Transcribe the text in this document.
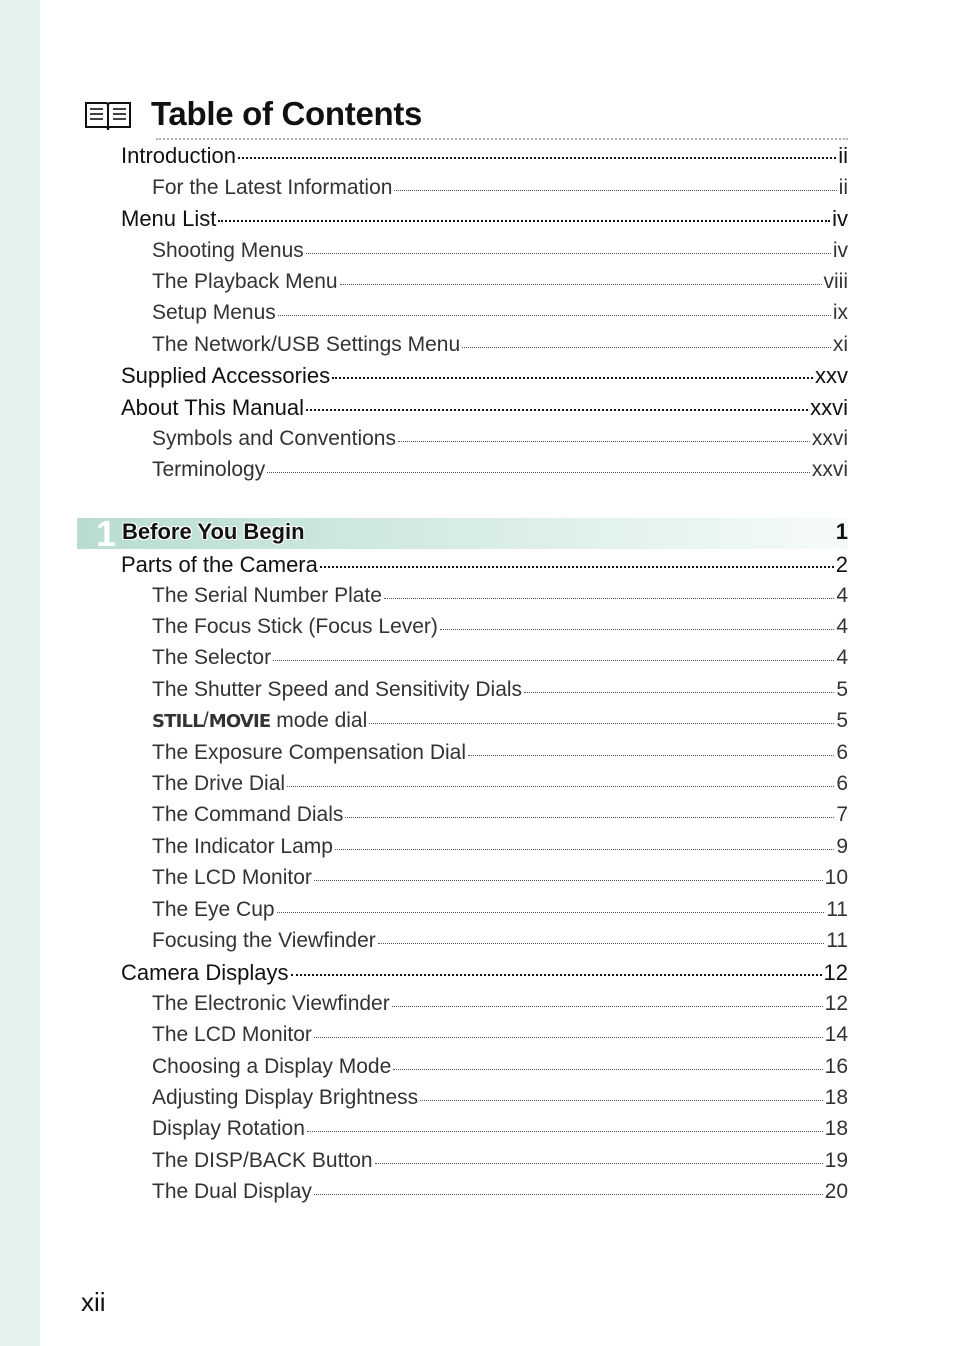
Table of Contents
Introduction	ii
For the Latest Information	ii
Menu List	iv
Shooting Menus	iv
The Playback Menu	viii
Setup Menus	ix
The Network/USB Settings Menu	xi
Supplied Accessories	xxv
About This Manual	xxvi
Symbols and Conventions	xxvi
Terminology	xxvi
1 Before You Begin	1
Parts of the Camera	2
The Serial Number Plate	4
The Focus Stick (Focus Lever)	4
The Selector	4
The Shutter Speed and Sensitivity Dials	5
STILL/MOVIE mode dial	5
The Exposure Compensation Dial	6
The Drive Dial	6
The Command Dials	7
The Indicator Lamp	9
The LCD Monitor	10
The Eye Cup	11
Focusing the Viewfinder	11
Camera Displays	12
The Electronic Viewfinder	12
The LCD Monitor	14
Choosing a Display Mode	16
Adjusting Display Brightness	18
Display Rotation	18
The DISP/BACK Button	19
The Dual Display	20
xii
